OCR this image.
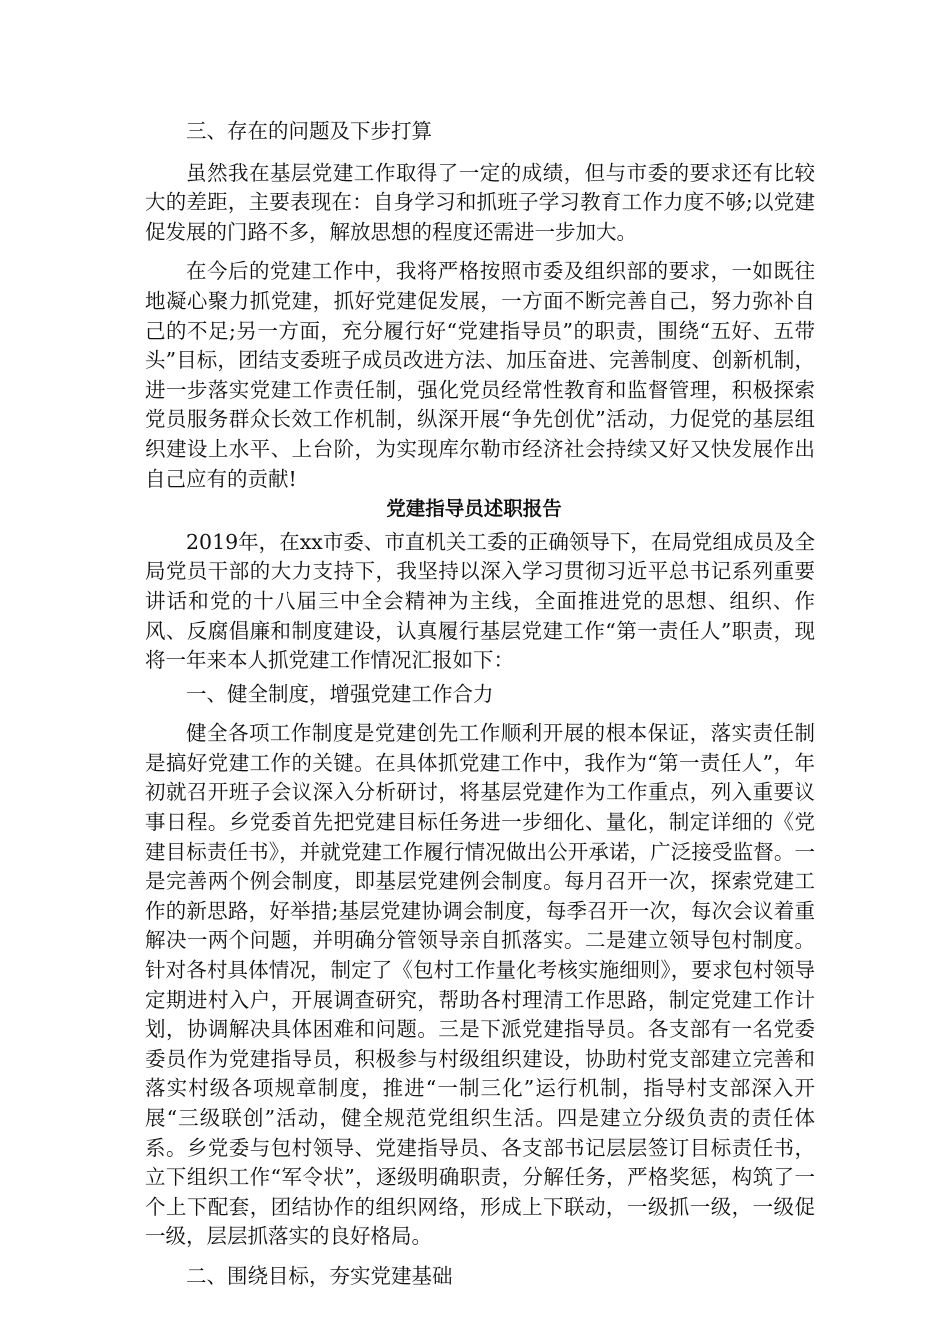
三、存在的问题及下步打算

虽然我在基层党建工作取得了一定的成绩，但与市委的要求还有比较大的差距，主要表现在：自身学习和抓班子学习教育工作力度不够;以党建促发展的门路不多，解放思想的程度还需进一步加大。

在今后的党建工作中，我将严格按照市委及组织部的要求，一如既往地凝心聚力抓党建，抓好党建促发展，一方面不断完善自己，努力弥补自己的不足;另一方面，充分履行好“党建指导员”的职责，围绕“五好、五带头”目标，团结支委班子成员改进方法、加压奋进、完善制度、创新机制，进一步落实党建工作责任制，强化党员经常性教育和监督管理，积极探索党员服务群众长效工作机制，纵深开展“争先创优”活动，力促党的基层组织建设上水平、上台阶，为实现库尔勒市经济社会持续又好又快发展作出自己应有的贡献!

党建指导员述职报告

2019年，在xx市委、市直机关工委的正确领导下，在局党组成员及全局党员干部的大力支持下，我坚持以深入学习贯彻习近平总书记系列重要讲话和党的十八届三中全会精神为主线，全面推进党的思想、组织、作风、反腐倡廉和制度建设，认真履行基层党建工作“第一责任人”职责，现将一年来本人抓党建工作情况汇报如下：

一、健全制度，增强党建工作合力

健全各项工作制度是党建创先工作顺利开展的根本保证，落实责任制是搞好党建工作的关键。在具体抓党建工作中，我作为“第一责任人”，年初就召开班子会议深入分析研讨，将基层党建作为工作重点，列入重要议事日程。乡党委首先把党建目标任务进一步细化、量化，制定详细的《党建目标责任书》，并就党建工作履行情况做出公开承诺，广泛接受监督。一是完善两个例会制度，即基层党建例会制度。每月召开一次，探索党建工作的新思路，好举措;基层党建协调会制度，每季召开一次，每次会议着重解决一两个问题，并明确分管领导亲自抓落实。二是建立领导包村制度。针对各村具体情况，制定了《包村工作量化考核实施细则》，要求包村领导定期进村入户，开展调查研究，帮助各村理清工作思路，制定党建工作计划，协调解决具体困难和问题。三是下派党建指导员。各支部有一名党委委员作为党建指导员，积极参与村级组织建设，协助村党支部建立完善和落实村级各项规章制度，推进“一制三化”运行机制，指导村支部深入开展“三级联创”活动，健全规范党组织生活。四是建立分级负责的责任体系。乡党委与包村领导、党建指导员、各支部书记层层签订目标责任书，立下组织工作“军令状”，逐级明确职责，分解任务，严格奖惩，构筑了一个上下配套，团结协作的组织网络，形成上下联动，一级抓一级，一级促一级，层层抓落实的良好格局。

二、围绕目标，夯实党建基础
